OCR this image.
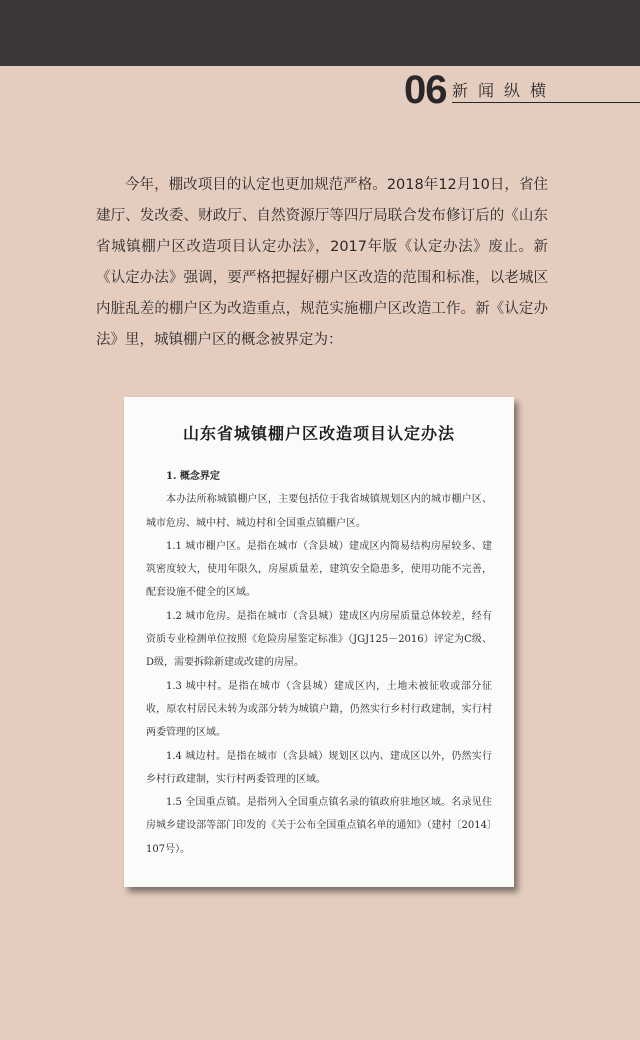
06 新闻纵横

今年，棚改项目的认定也更加规范严格。2018年12月10日，省住建厅、发改委、财政厅、自然资源厅等四厅局联合发布修订后的《山东省城镇棚户区改造项目认定办法》，2017年版《认定办法》废止。新《认定办法》强调，要严格把握好棚户区改造的范围和标准，以老城区内脏乱差的棚户区为改造重点，规范实施棚户区改造工作。新《认定办法》里，城镇棚户区的概念被界定为：

山东省城镇棚户区改造项目认定办法

1. 概念界定

本办法所称城镇棚户区，主要包括位于我省城镇规划区内的城市棚户区、城市危房、城中村、城边村和全国重点镇棚户区。

1.1 城市棚户区。是指在城市（含县城）建成区内简易结构房屋较多、建筑密度较大，使用年限久，房屋质量差，建筑安全隐患多，使用功能不完善，配套设施不健全的区域。

1.2 城市危房。是指在城市（含县城）建成区内房屋质量总体较差，经有资质专业检测单位按照《危险房屋鉴定标准》（JGJ125－2016）评定为C级、D级，需要拆除新建或改建的房屋。

1.3 城中村。是指在城市（含县城）建成区内，土地未被征收或部分征收，原农村居民未转为或部分转为城镇户籍，仍然实行乡村行政建制，实行村两委管理的区域。

1.4 城边村。是指在城市（含县城）规划区以内、建成区以外，仍然实行乡村行政建制，实行村两委管理的区域。

1.5 全国重点镇。是指列入全国重点镇名录的镇政府驻地区域。名录见住房城乡建设部等部门印发的《关于公布全国重点镇名单的通知》（建村〔2014〕107号）。
